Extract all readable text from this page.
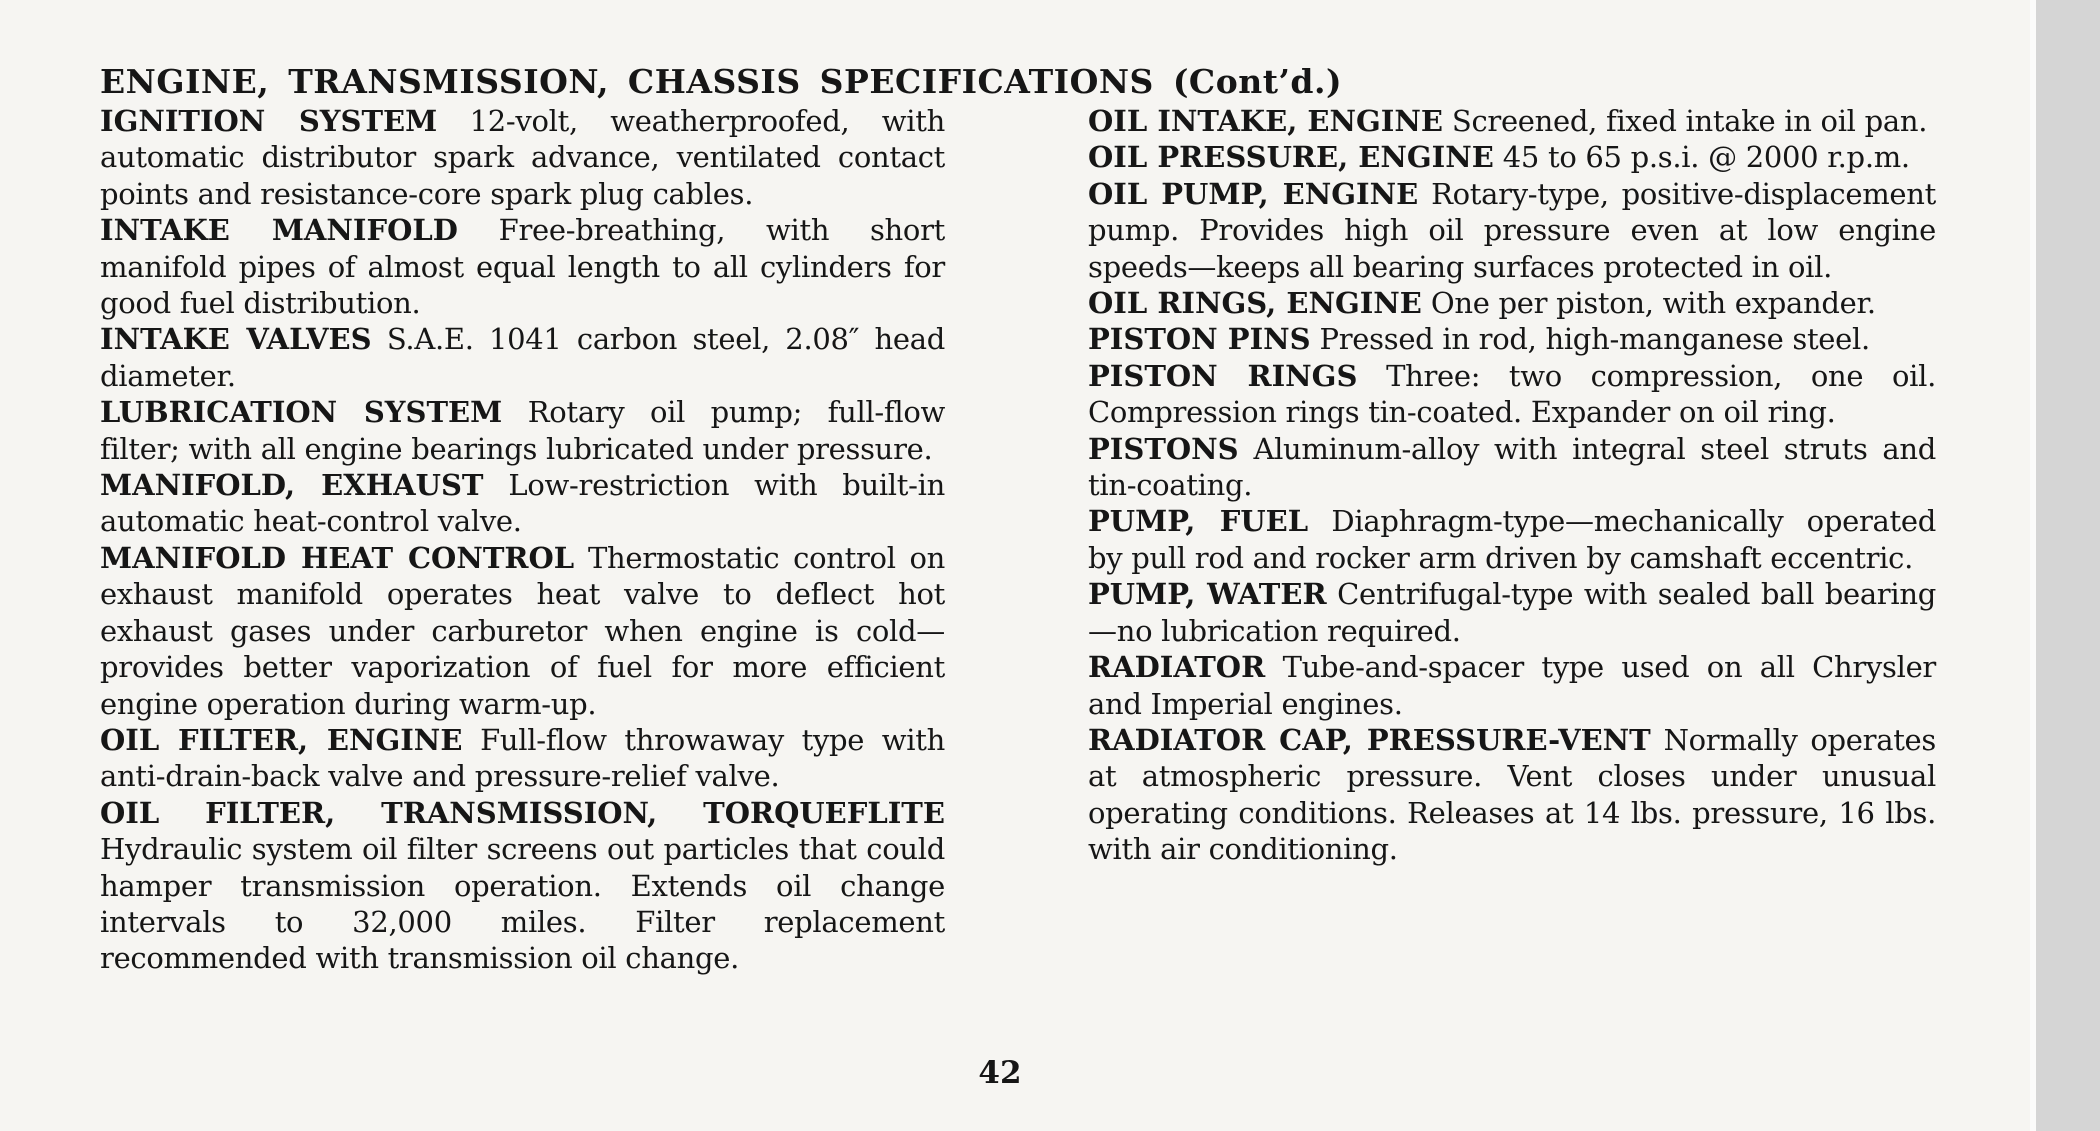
ENGINE, TRANSMISSION, CHASSIS SPECIFICATIONS (Cont’d.)

IGNITION SYSTEM 12-volt, weatherproofed, with automatic distributor spark advance, ventilated contact points and resistance-core spark plug cables.

INTAKE MANIFOLD Free-breathing, with short manifold pipes of almost equal length to all cylinders for good fuel distribution.

INTAKE VALVES S.A.E. 1041 carbon steel, 2.08″ head diameter.

LUBRICATION SYSTEM Rotary oil pump; full-flow filter; with all engine bearings lubricated under pressure.

MANIFOLD, EXHAUST Low-restriction with built-in automatic heat-control valve.

MANIFOLD HEAT CONTROL Thermostatic control on exhaust manifold operates heat valve to deflect hot exhaust gases under carburetor when engine is cold—provides better vaporization of fuel for more efficient engine operation during warm-up.

OIL FILTER, ENGINE Full-flow throwaway type with anti-drain-back valve and pressure-relief valve.

OIL FILTER, TRANSMISSION, TORQUEFLITE Hydraulic system oil filter screens out particles that could hamper transmission operation. Extends oil change intervals to 32,000 miles. Filter replacement recommended with transmission oil change.

OIL INTAKE, ENGINE Screened, fixed intake in oil pan.

OIL PRESSURE, ENGINE 45 to 65 p.s.i. @ 2000 r.p.m.

OIL PUMP, ENGINE Rotary-type, positive-displacement pump. Provides high oil pressure even at low engine speeds—keeps all bearing surfaces protected in oil.

OIL RINGS, ENGINE One per piston, with expander.

PISTON PINS Pressed in rod, high-manganese steel.

PISTON RINGS Three: two compression, one oil. Compression rings tin-coated. Expander on oil ring.

PISTONS Aluminum-alloy with integral steel struts and tin-coating.

PUMP, FUEL Diaphragm-type—mechanically operated by pull rod and rocker arm driven by camshaft eccentric.

PUMP, WATER Centrifugal-type with sealed ball bearing—no lubrication required.

RADIATOR Tube-and-spacer type used on all Chrysler and Imperial engines.

RADIATOR CAP, PRESSURE-VENT Normally operates at atmospheric pressure. Vent closes under unusual operating conditions. Releases at 14 lbs. pressure, 16 lbs. with air conditioning.

42
